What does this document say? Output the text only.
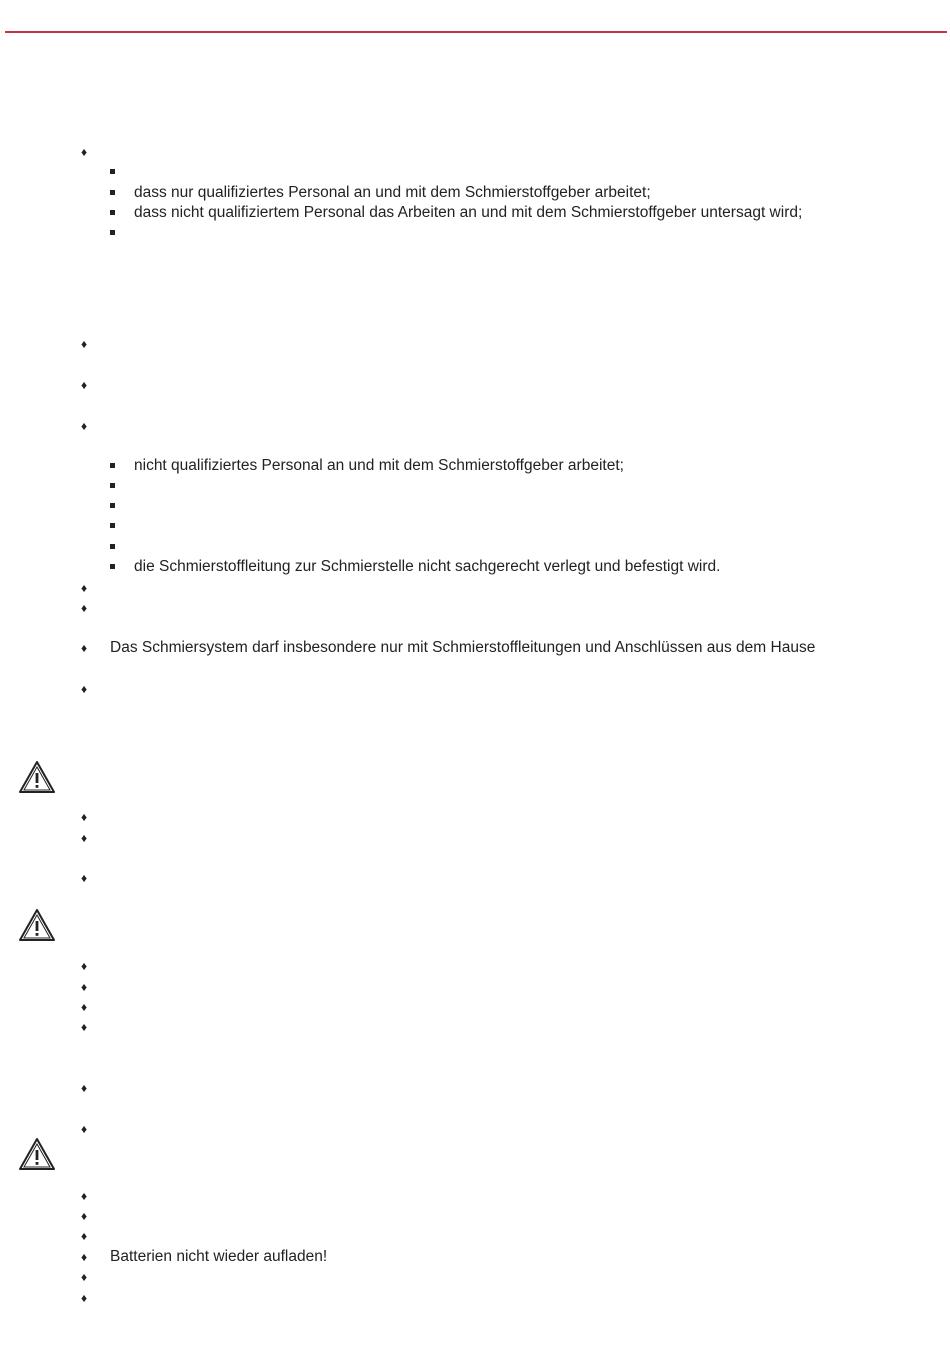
♦
dass nur qualifiziertes Personal an und mit dem Schmierstoffgeber arbeitet;
dass nicht qualifiziertem Personal das Arbeiten an und mit dem Schmierstoffgeber untersagt wird;
♦
♦
♦
nicht qualifiziertes Personal an und mit dem Schmierstoffgeber arbeitet;
die Schmierstoffleitung zur Schmierstelle nicht sachgerecht verlegt und befestigt wird.
♦
♦
♦ Das Schmiersystem darf insbesondere nur mit Schmierstoffleitungen und Anschlüssen aus dem Hause
♦
♦
♦
♦
♦
♦
♦
♦
♦
♦
♦
♦
♦
♦ Batterien nicht wieder aufladen!
♦
♦
